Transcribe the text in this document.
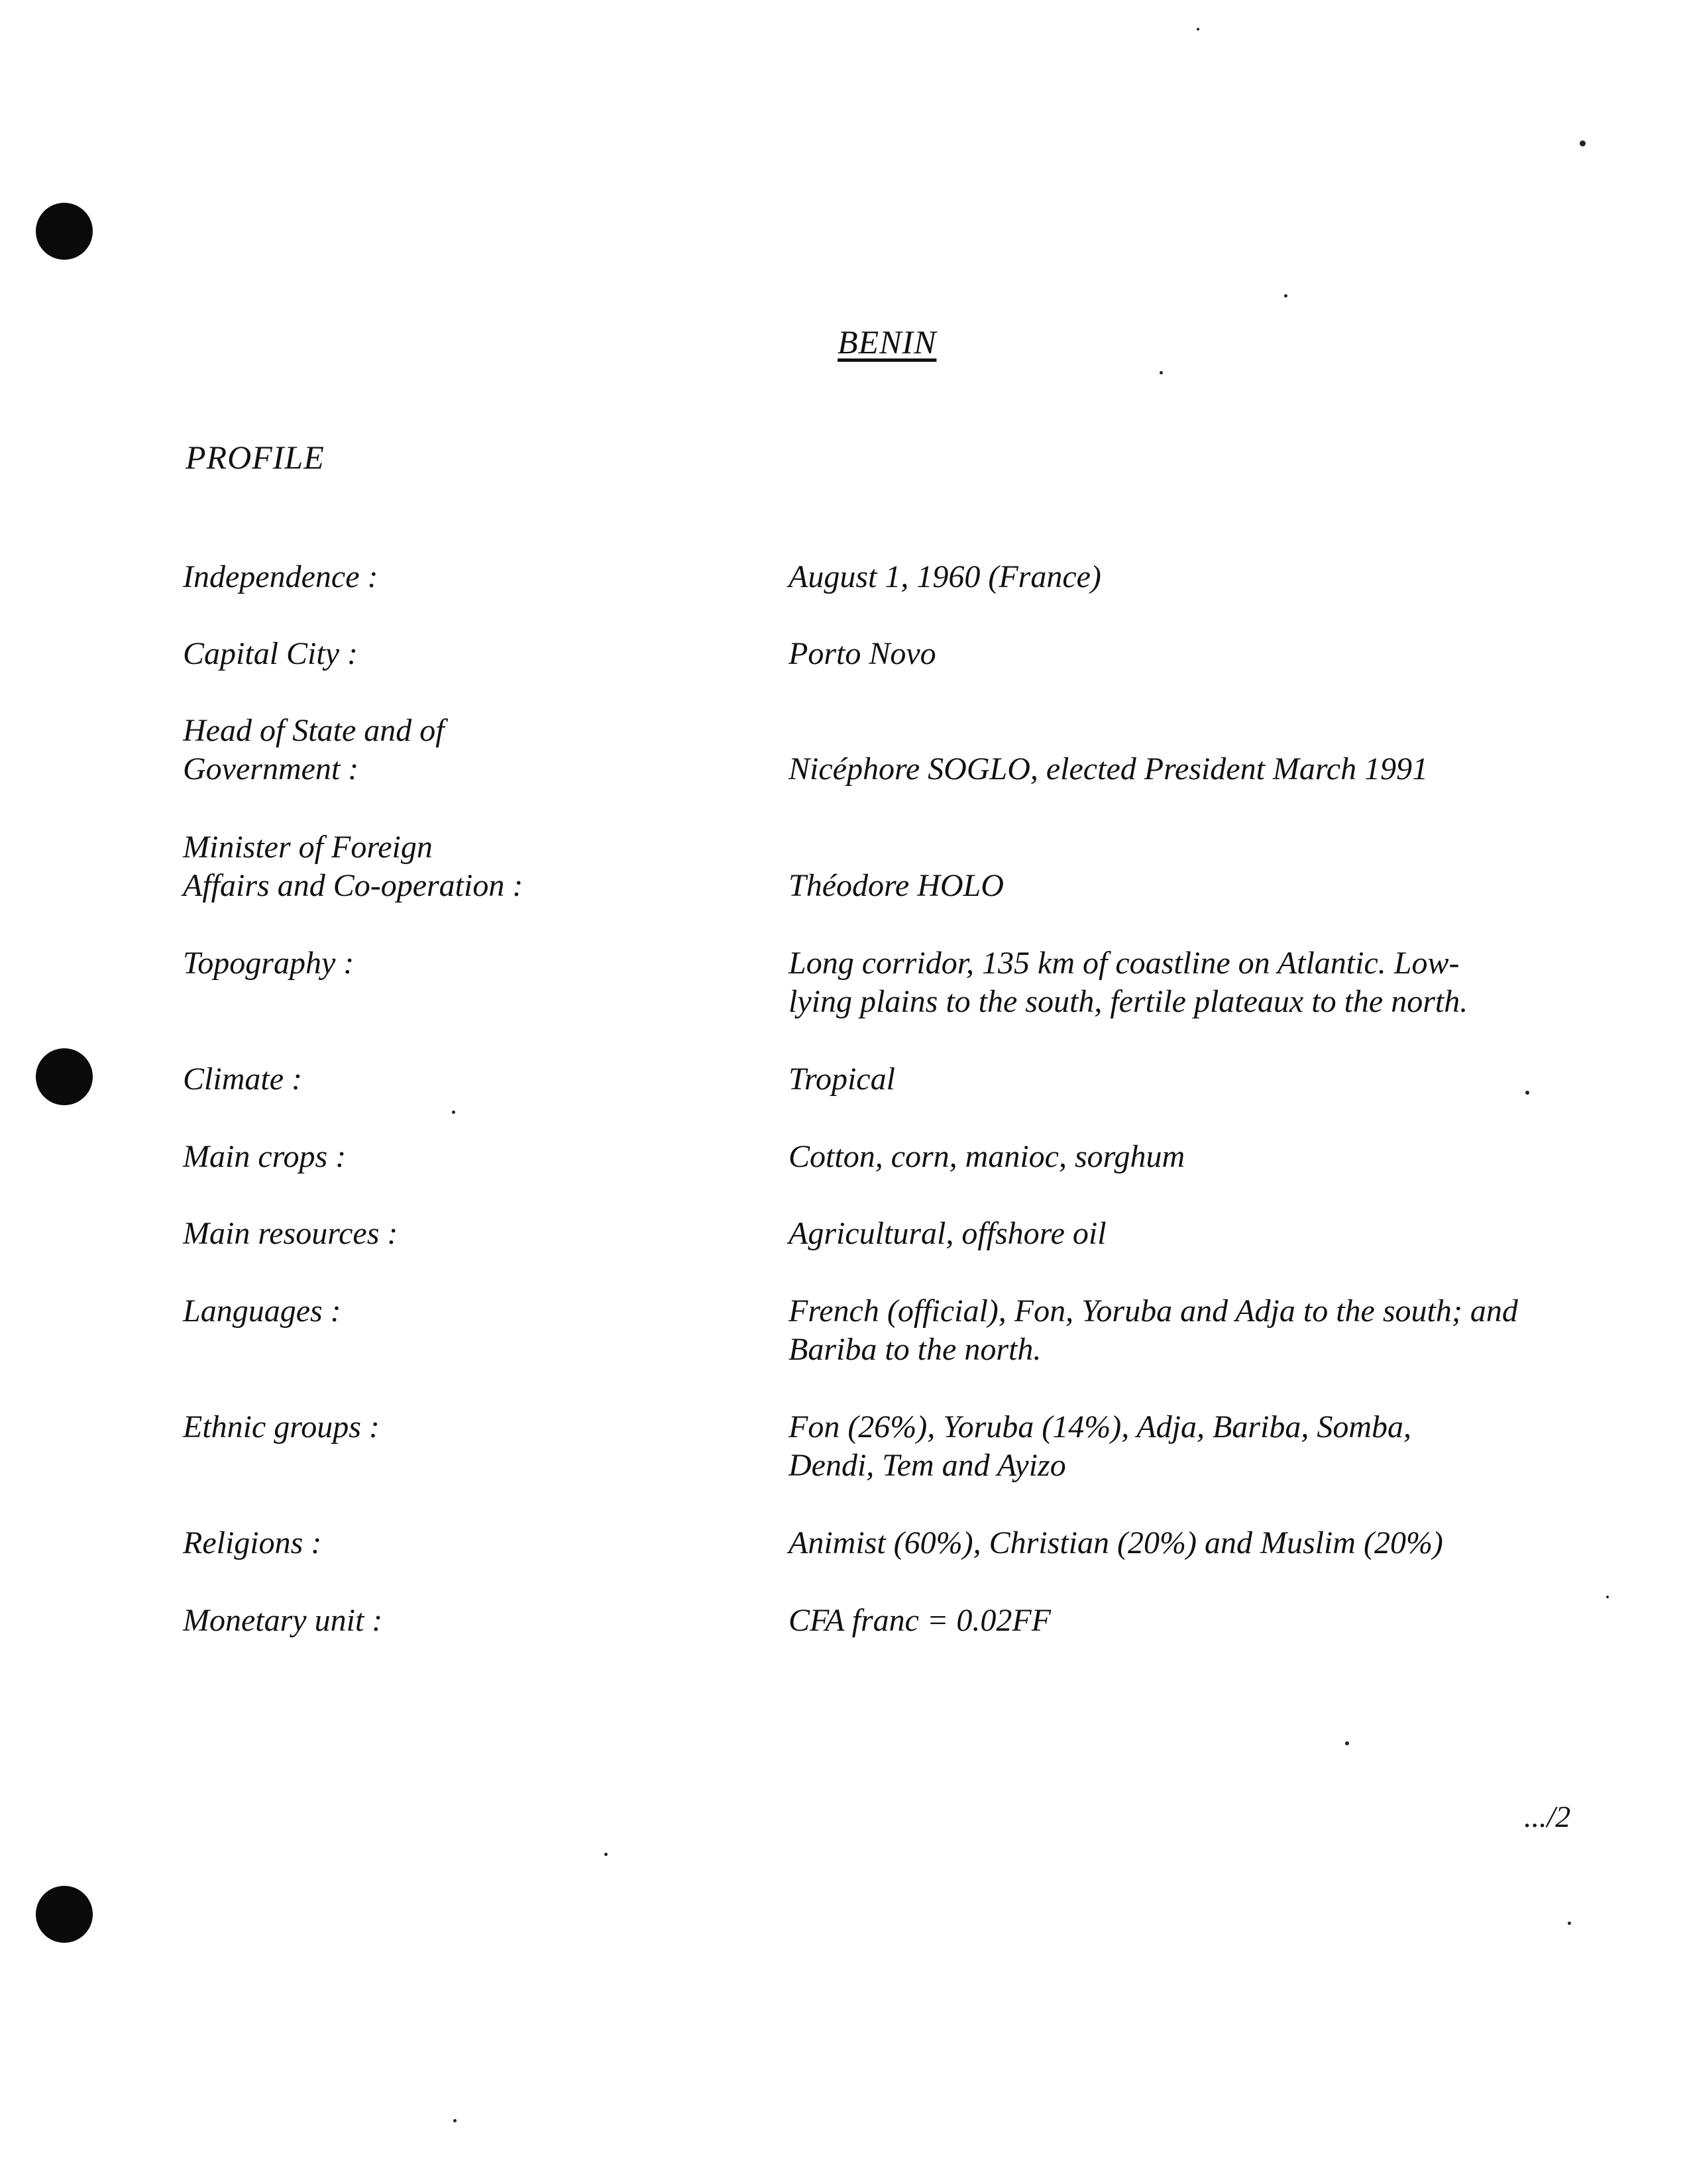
BENIN
PROFILE
Independence :	August 1, 1960 (France)
Capital City :	Porto Novo
Head of State and of
Government :	Nicéphore SOGLO, elected President March 1991
Minister of Foreign
Affairs and Co-operation :	Théodore HOLO
Topography :	Long corridor, 135 km of coastline on Atlantic. Low-
lying plains to the south, fertile plateaux to the north.
Climate :	Tropical
Main crops :	Cotton, corn, manioc, sorghum
Main resources :	Agricultural, offshore oil
Languages :	French (official), Fon, Yoruba and Adja to the south; and
Bariba to the north.
Ethnic groups :	Fon (26%), Yoruba (14%), Adja, Bariba, Somba,
Dendi, Tem and Ayizo
Religions :	Animist (60%), Christian (20%) and Muslim (20%)
Monetary unit :	CFA franc = 0.02FF
.../2
